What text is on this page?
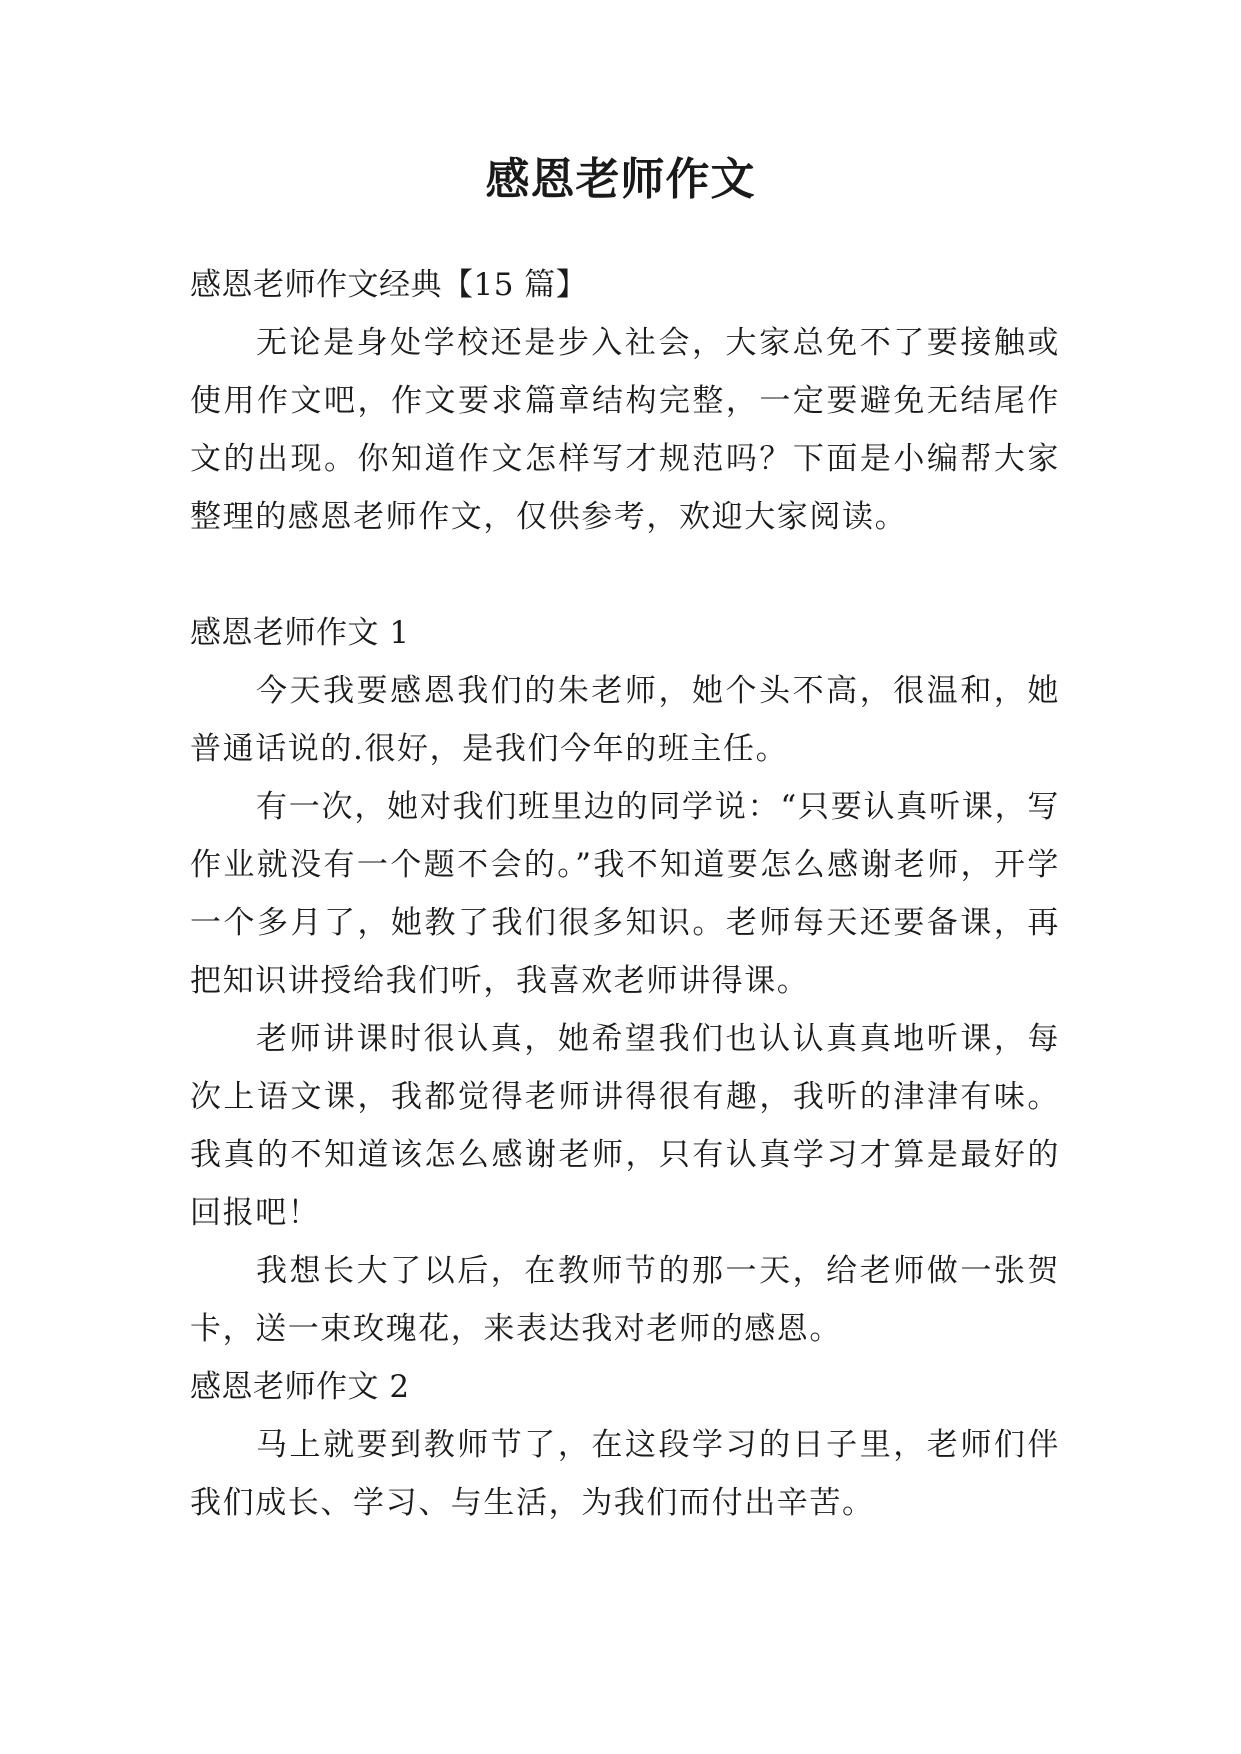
感恩老师作文

感恩老师作文经典【15 篇】

无论是身处学校还是步入社会，大家总免不了要接触或使用作文吧，作文要求篇章结构完整，一定要避免无结尾作文的出现。你知道作文怎样写才规范吗？下面是小编帮大家整理的感恩老师作文，仅供参考，欢迎大家阅读。

感恩老师作文 1

今天我要感恩我们的朱老师，她个头不高，很温和，她普通话说的.很好，是我们今年的班主任。

有一次，她对我们班里边的同学说：“只要认真听课，写作业就没有一个题不会的。”我不知道要怎么感谢老师，开学一个多月了，她教了我们很多知识。老师每天还要备课，再把知识讲授给我们听，我喜欢老师讲得课。

老师讲课时很认真，她希望我们也认认真真地听课，每次上语文课，我都觉得老师讲得很有趣，我听的津津有味。我真的不知道该怎么感谢老师，只有认真学习才算是最好的回报吧！

我想长大了以后，在教师节的那一天，给老师做一张贺卡，送一束玫瑰花，来表达我对老师的感恩。

感恩老师作文 2

马上就要到教师节了，在这段学习的日子里，老师们伴我们成长、学习、与生活，为我们而付出辛苦。
